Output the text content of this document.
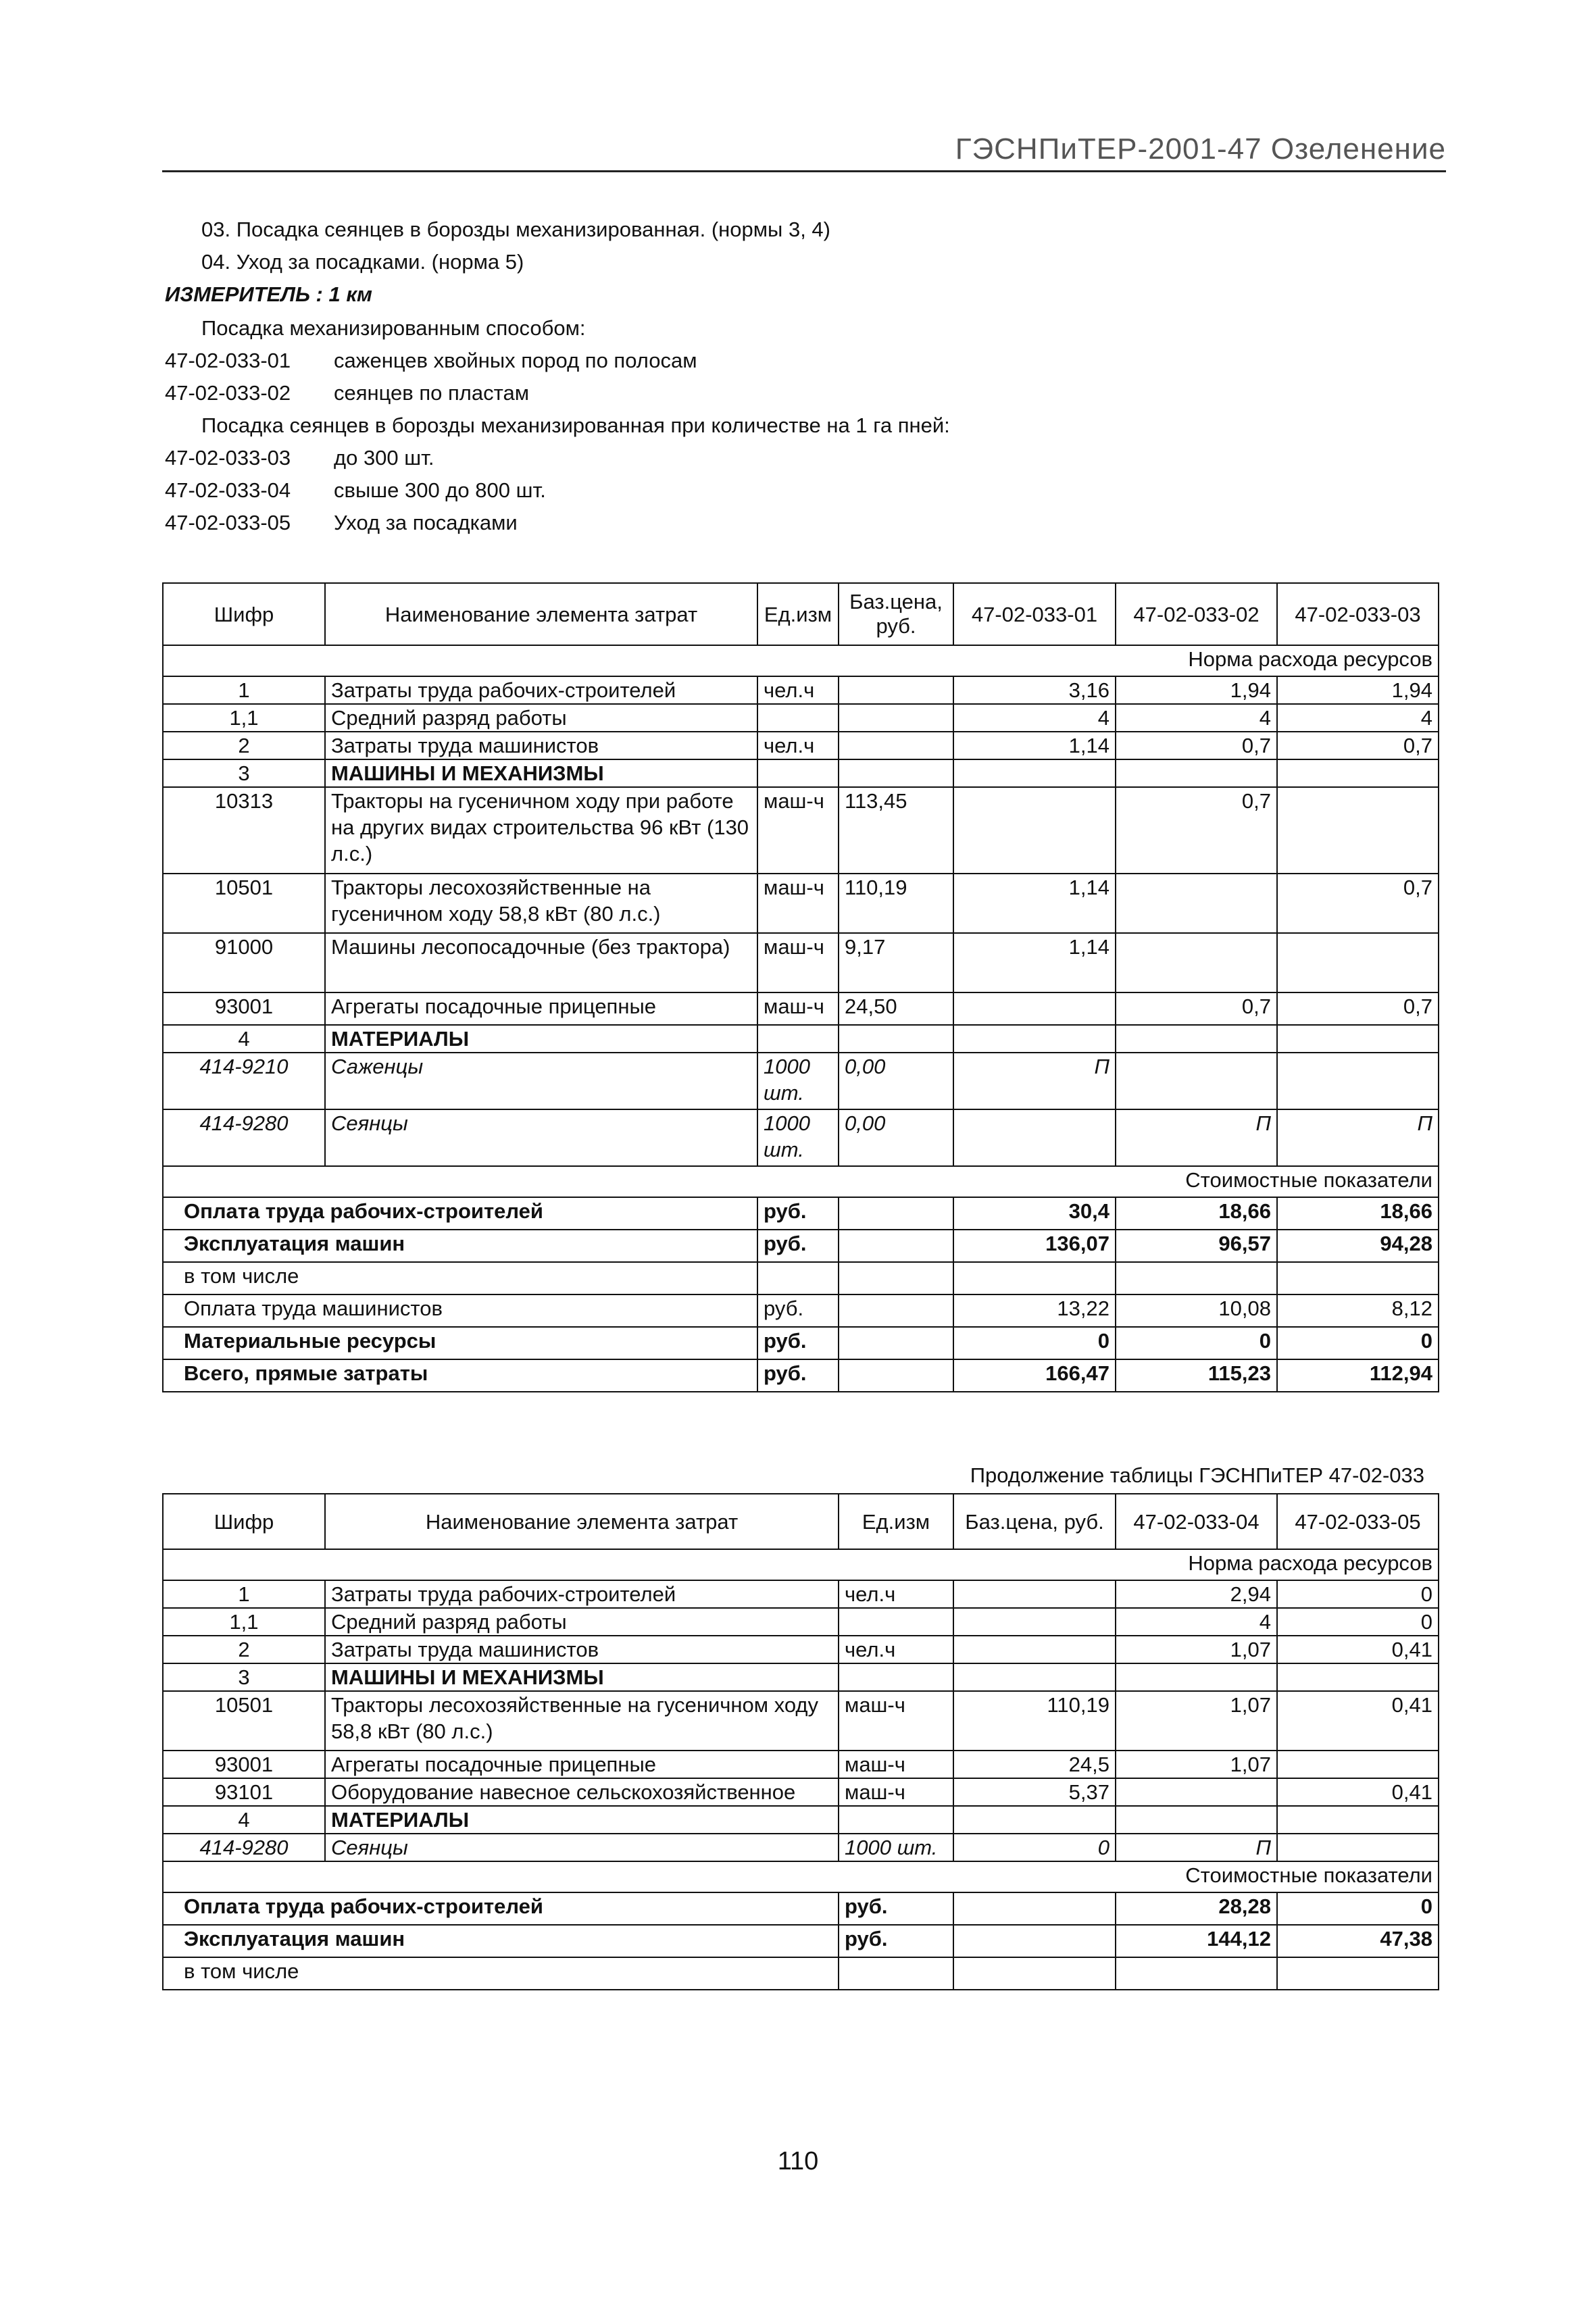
ГЭСНПиТЕР-2001-47 Озеленение
03. Посадка сеянцев в борозды механизированная. (нормы 3, 4)
04. Уход за посадками. (норма 5)
ИЗМЕРИТЕЛЬ : 1 км
Посадка механизированным способом:
47-02-033-01 саженцев хвойных пород по полосам
47-02-033-02 сеянцев по пластам
Посадка сеянцев в борозды механизированная при количестве на 1 га пней:
47-02-033-03 до 300 шт.
47-02-033-04 свыше 300 до 800 шт.
47-02-033-05 Уход за посадками
Шифр	Наименование элемента затрат	Ед.изм	Баз.цена, руб.	47-02-033-01	47-02-033-02	47-02-033-03
Норма расхода ресурсов						
1	Затраты труда рабочих-строителей	чел.ч		3,16	1,94	1,94
1,1	Средний разряд работы			4	4	4
2	Затраты труда машинистов	чел.ч		1,14	0,7	0,7
3	МАШИНЫ И МЕХАНИЗМЫ					
10313	Тракторы на гусеничном ходу при работе на других видах строительства 96 кВт (130 л.с.)	маш-ч	113,45		0,7	
10501	Тракторы лесохозяйственные на гусеничном ходу 58,8 кВт (80 л.с.)	маш-ч	110,19	1,14		0,7
91000	Машины лесопосадочные (без трактора)	маш-ч	9,17	1,14		
93001	Агрегаты посадочные прицепные	маш-ч	24,50		0,7	0,7
4	МАТЕРИАЛЫ					
414-9210	Саженцы	1000 шт.	0,00	П		
414-9280	Сеянцы	1000 шт.	0,00		П	П
Стоимостные показатели						
Оплата труда рабочих-строителей		руб.		30,4	18,66	18,66
Эксплуатация машин		руб.		136,07	96,57	94,28
в том числе						
Оплата труда машинистов		руб.		13,22	10,08	8,12
Материальные ресурсы		руб.		0	0	0
Всего, прямые затраты		руб.		166,47	115,23	112,94
Продолжение таблицы ГЭСНПиТЕР 47-02-033
Шифр	Наименование элемента затрат	Ед.изм	Баз.цена, руб.	47-02-033-04	47-02-033-05
Норма расхода ресурсов					
1	Затраты труда рабочих-строителей	чел.ч		2,94	0
1,1	Средний разряд работы			4	0
2	Затраты труда машинистов	чел.ч		1,07	0,41
3	МАШИНЫ И МЕХАНИЗМЫ				
10501	Тракторы лесохозяйственные на гусеничном ходу 58,8 кВт (80 л.с.)	маш-ч	110,19	1,07	0,41
93001	Агрегаты посадочные прицепные	маш-ч	24,5	1,07	
93101	Оборудование навесное сельскохозяйственное	маш-ч	5,37		0,41
4	МАТЕРИАЛЫ				
414-9280	Сеянцы	1000 шт.	0	П	
Стоимостные показатели					
Оплата труда рабочих-строителей		руб.		28,28	0
Эксплуатация машин		руб.		144,12	47,38
в том числе					
110
